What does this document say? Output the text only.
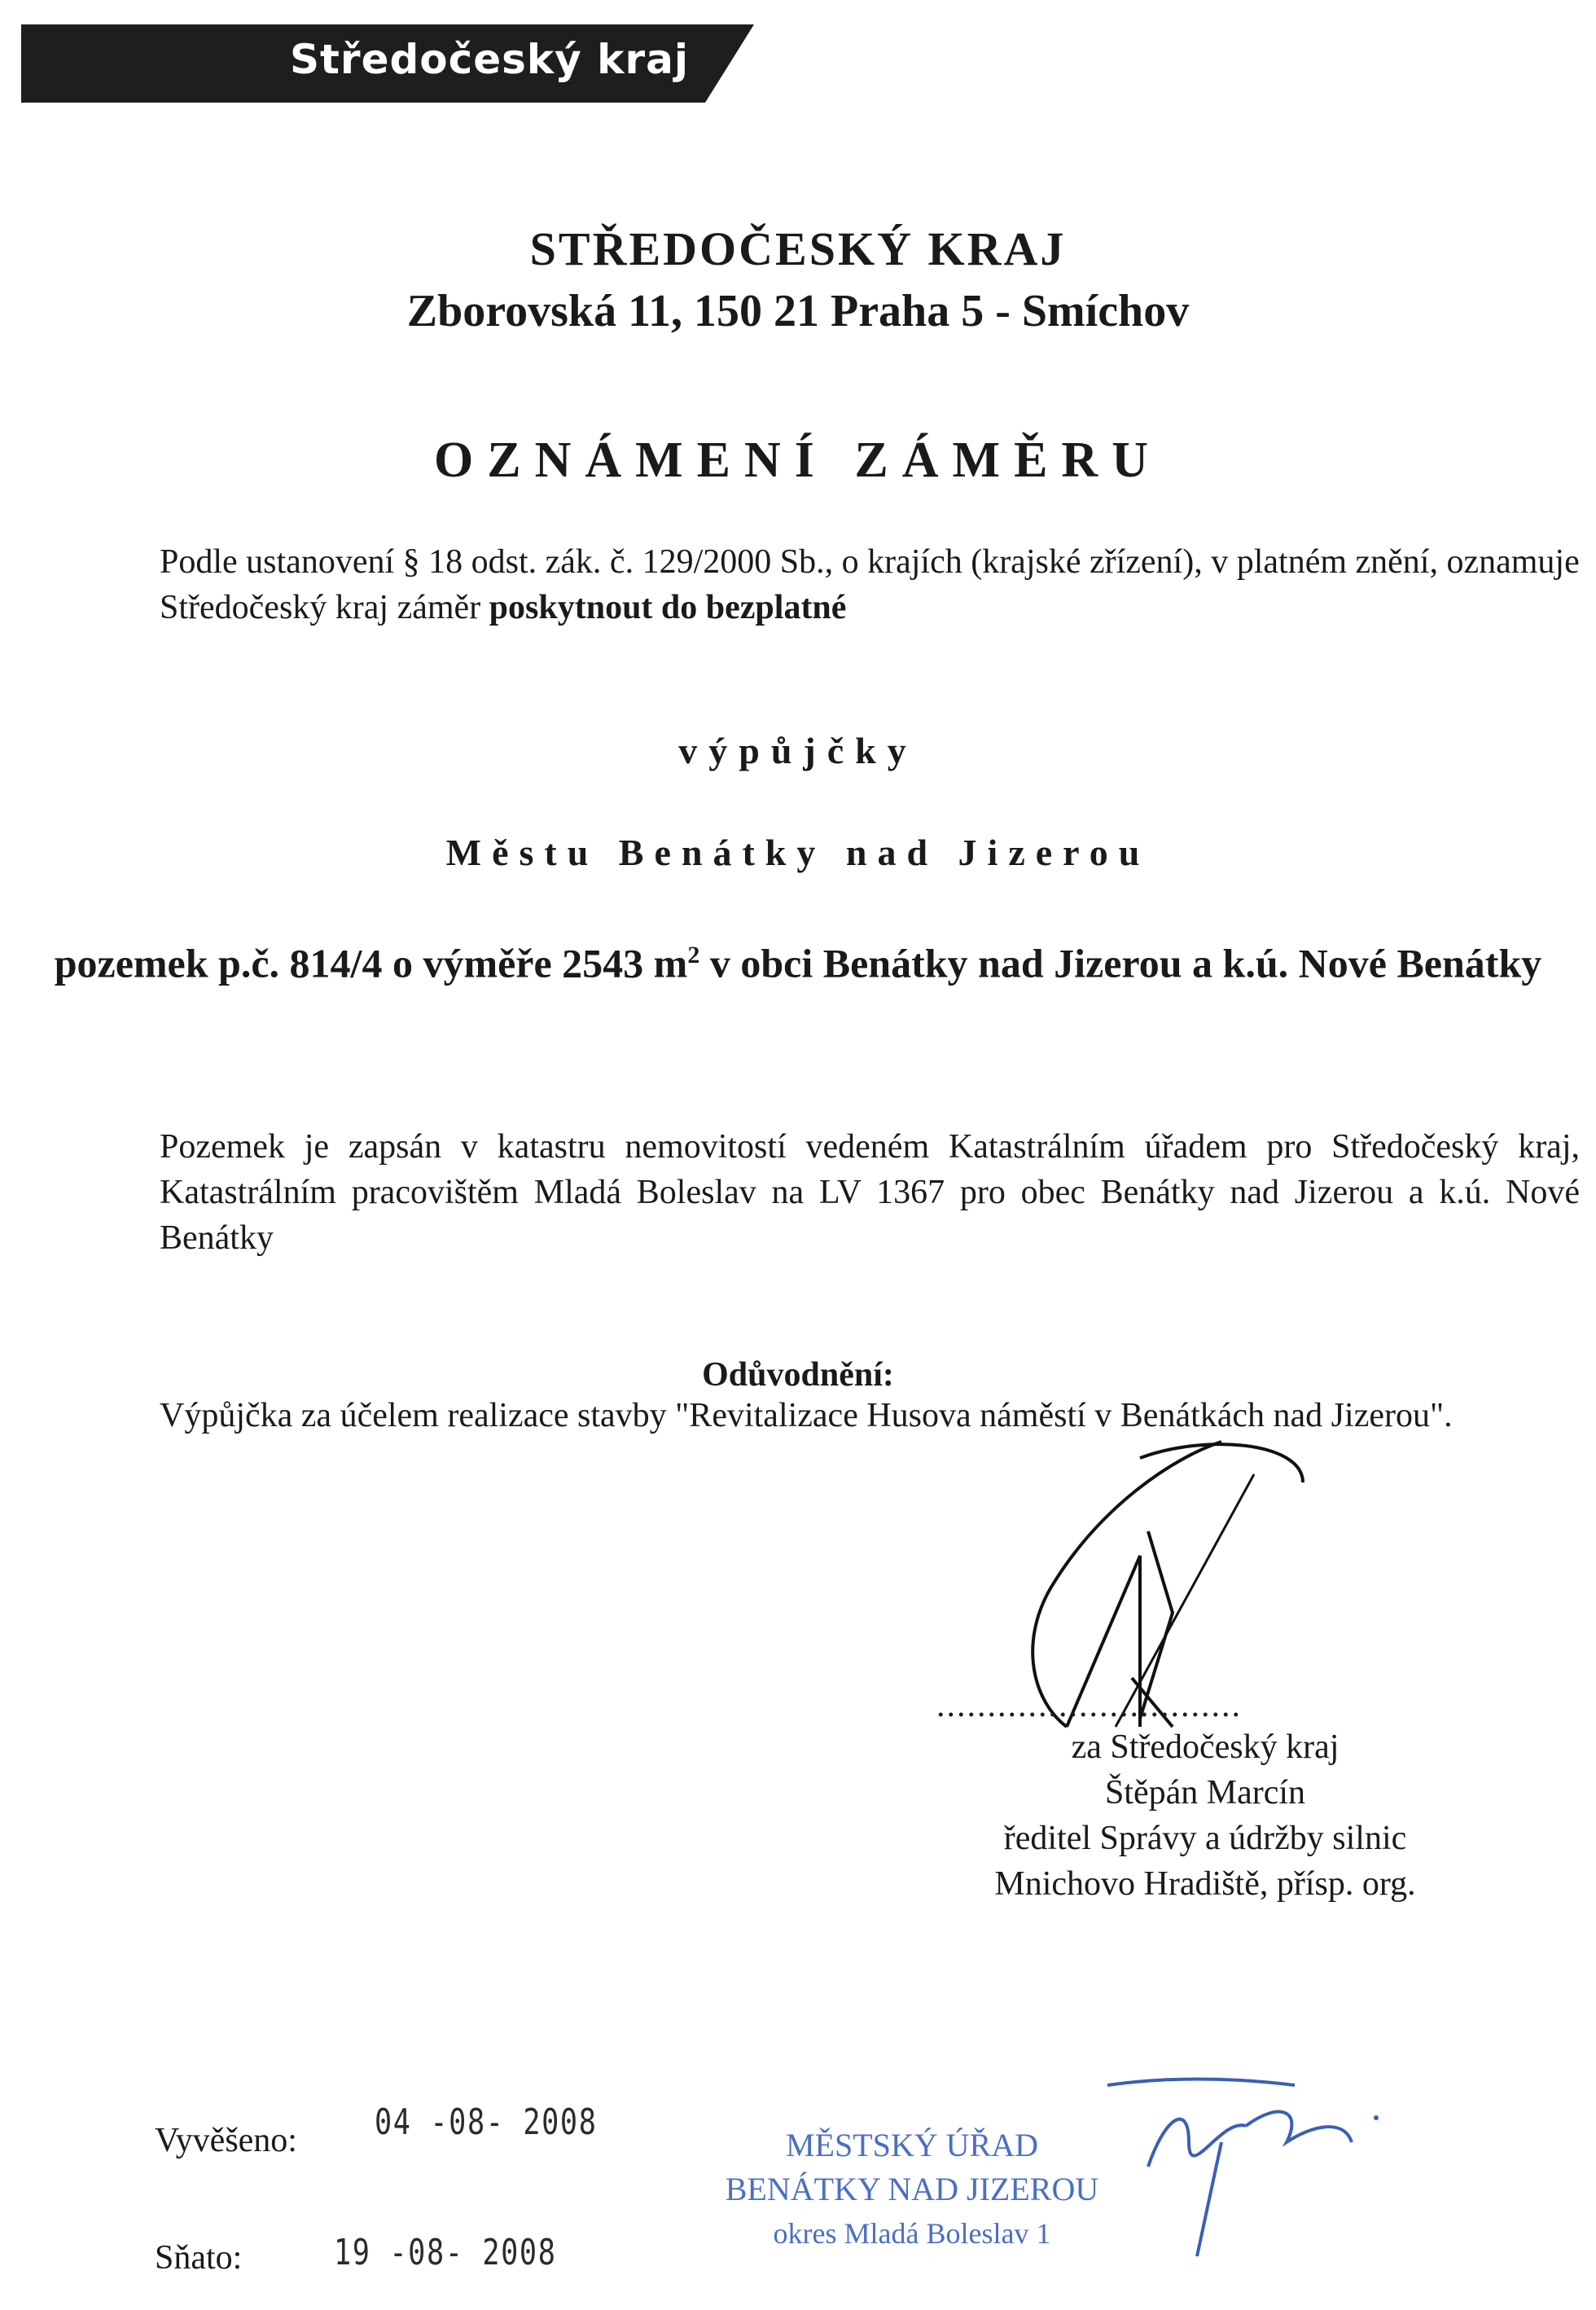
Středočeský kraj
STŘEDOČESKÝ KRAJ
Zborovská 11, 150 21 Praha 5 - Smíchov
OZNÁMENÍ ZÁMĚRU
Podle ustanovení § 18 odst. zák. č. 129/2000 Sb., o krajích (krajské zřízení), v platném znění, oznamuje Středočeský kraj záměr poskytnout do bezplatné
výpůjčky
Městu Benátky nad Jizerou
pozemek p.č. 814/4 o výměře 2543 $m^2$ v obci Benátky nad Jizerou a k.ú. Nové Benátky
Pozemek je zapsán v katastru nemovitostí vedeném Katastrálním úřadem pro Středočeský kraj, Katastrálním pracovištěm Mladá Boleslav na LV 1367 pro obec Benátky nad Jizerou a k.ú. Nové Benátky
Odůvodnění:
Výpůjčka za účelem realizace stavby "Revitalizace Husova náměstí v Benátkách nad Jizerou".
..............................
za Středočeský kraj
Štěpán Marcín
ředitel Správy a údržby silnic
Mnichovo Hradiště, přísp. org.
Vyvěšeno: 04 -08- 2008
Sňato:	19 -08- 2008
MĚSTSKÝ ÚŘAD
BENÁTKY NAD JIZEROU
okres Mladá Boleslav 1
